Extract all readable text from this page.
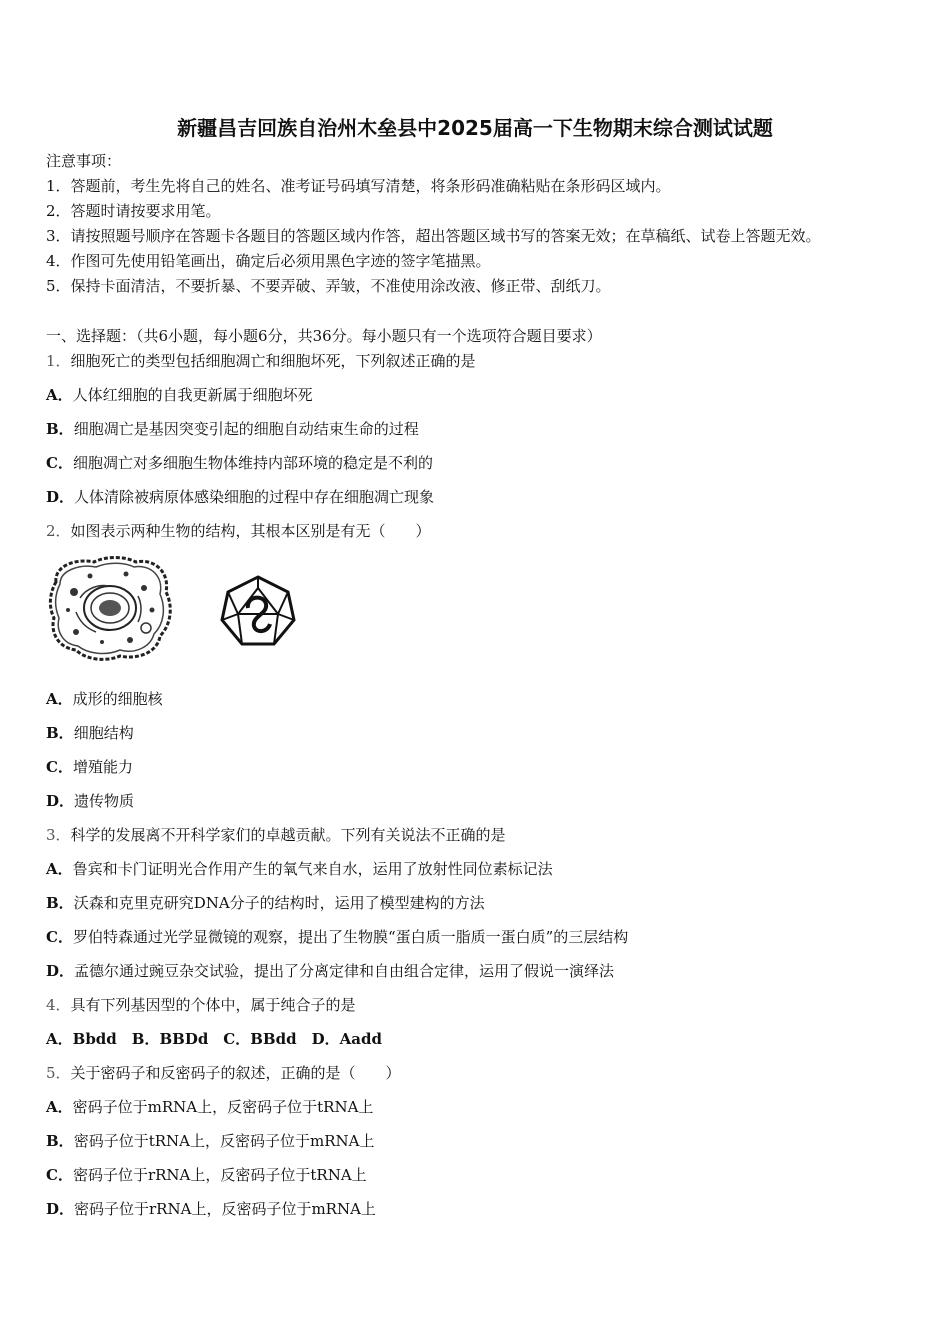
新疆昌吉回族自治州木垒县中2025届高一下生物期末综合测试试题
注意事项：
1．答题前，考生先将自己的姓名、准考证号码填写清楚，将条形码准确粘贴在条形码区域内。
2．答题时请按要求用笔。
3．请按照题号顺序在答题卡各题目的答题区域内作答，超出答题区域书写的答案无效；在草稿纸、试卷上答题无效。
4．作图可先使用铅笔画出，确定后必须用黑色字迹的签字笔描黑。
5．保持卡面清洁，不要折暴、不要弄破、弄皱，不准使用涂改液、修正带、刮纸刀。
一、选择题：（共6小题，每小题6分，共36分。每小题只有一个选项符合题目要求）
1．细胞死亡的类型包括细胞凋亡和细胞坏死，下列叙述正确的是
A．人体红细胞的自我更新属于细胞坏死
B．细胞凋亡是基因突变引起的细胞自动结束生命的过程
C．细胞凋亡对多细胞生物体维持内部环境的稳定是不利的
D．人体清除被病原体感染细胞的过程中存在细胞凋亡现象
2．如图表示两种生物的结构，其根本区别是有无（　　）
A．成形的细胞核
B．细胞结构
C．增殖能力
D．遗传物质
3．科学的发展离不开科学家们的卓越贡献。下列有关说法不正确的是
A．鲁宾和卡门证明光合作用产生的氧气来自水，运用了放射性同位素标记法
B．沃森和克里克研究DNA分子的结构时，运用了模型建构的方法
C．罗伯特森通过光学显微镜的观察，提出了生物膜“蛋白质一脂质一蛋白质”的三层结构
D．孟德尔通过豌豆杂交试验，提出了分离定律和自由组合定律，运用了假说一演绎法
4．具有下列基因型的个体中，属于纯合子的是
A．Bbdd　B．BBDd　C．BBdd　D．Aadd
5．关于密码子和反密码子的叙述，正确的是（　　）
A．密码子位于mRNA上，反密码子位于tRNA上
B．密码子位于tRNA上，反密码子位于mRNA上
C．密码子位于rRNA上，反密码子位于tRNA上
D．密码子位于rRNA上，反密码子位于mRNA上
